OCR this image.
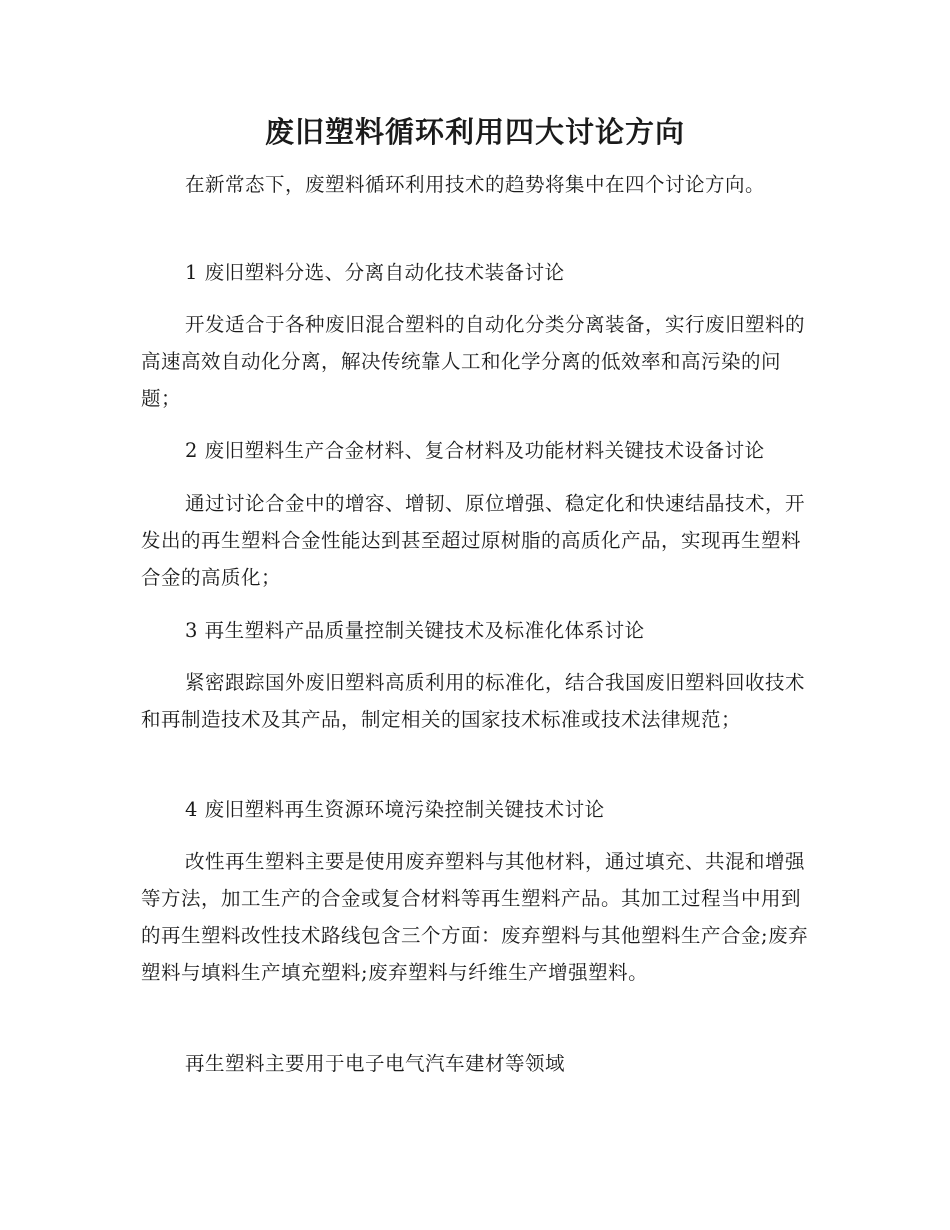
废旧塑料循环利用四大讨论方向

在新常态下，废塑料循环利用技术的趋势将集中在四个讨论方向。

1 废旧塑料分选、分离自动化技术装备讨论

开发适合于各种废旧混合塑料的自动化分类分离装备，实行废旧塑料的高速高效自动化分离，解决传统靠人工和化学分离的低效率和高污染的问题；

2 废旧塑料生产合金材料、复合材料及功能材料关键技术设备讨论

通过讨论合金中的增容、增韧、原位增强、稳定化和快速结晶技术，开发出的再生塑料合金性能达到甚至超过原树脂的高质化产品，实现再生塑料合金的高质化；

3 再生塑料产品质量控制关键技术及标准化体系讨论

紧密跟踪国外废旧塑料高质利用的标准化，结合我国废旧塑料回收技术和再制造技术及其产品，制定相关的国家技术标准或技术法律规范；

4 废旧塑料再生资源环境污染控制关键技术讨论

改性再生塑料主要是使用废弃塑料与其他材料，通过填充、共混和增强等方法，加工生产的合金或复合材料等再生塑料产品。其加工过程当中用到的再生塑料改性技术路线包含三个方面：废弃塑料与其他塑料生产合金;废弃塑料与填料生产填充塑料;废弃塑料与纤维生产增强塑料。

再生塑料主要用于电子电气汽车建材等领域
